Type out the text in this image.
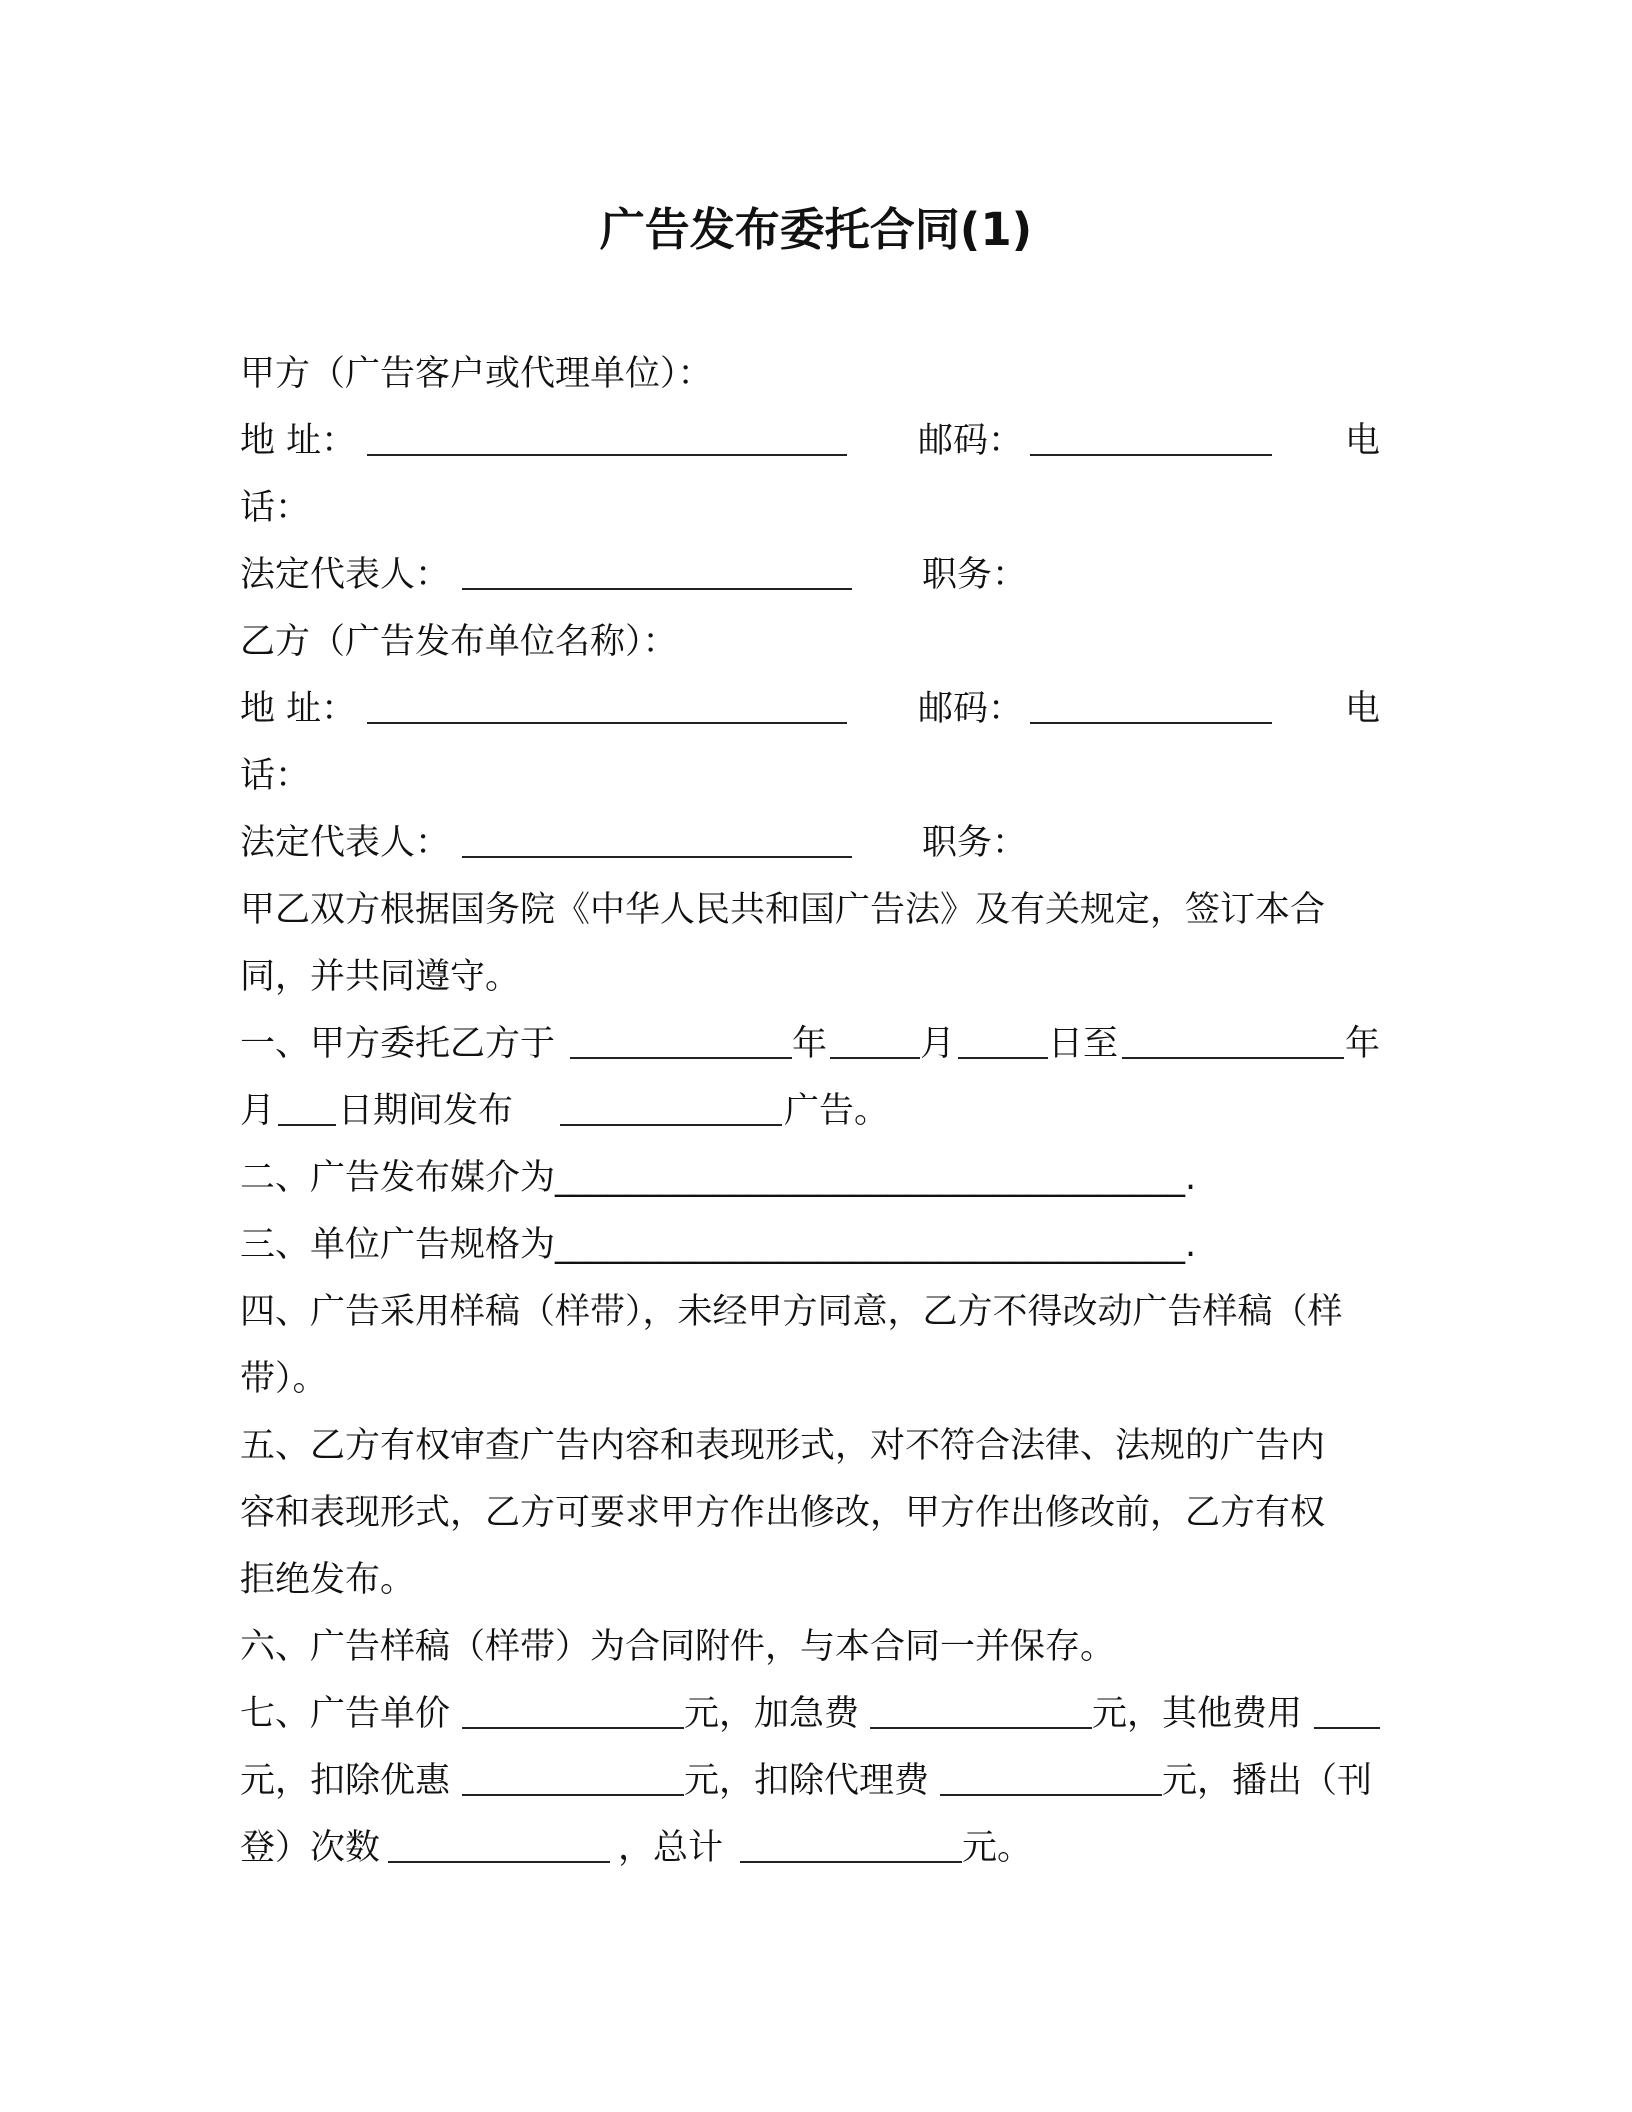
广告发布委托合同(1)
甲方（广告客户或代理单位）：
地 址：	邮码：	电
话：
法定代表人：	职务：
乙方（广告发布单位名称）：
地 址：	邮码：	电
话：
法定代表人：	职务：
甲乙双方根据国务院《中华人民共和国广告法》及有关规定，签订本合
同，并共同遵守。
一、甲方委托乙方于	年	月	日至	年
月 日期间发布	广告。
二、广告发布媒介为____________________________________.
三、单位广告规格为____________________________________.
四、广告采用样稿（样带），未经甲方同意，乙方不得改动广告样稿（样
带）。
五、乙方有权审查广告内容和表现形式，对不符合法律、法规的广告内
容和表现形式，乙方可要求甲方作出修改，甲方作出修改前，乙方有权
拒绝发布。
六、广告样稿（样带）为合同附件，与本合同一并保存。
七、广告单价	元，加急费	元，其他费用
元，扣除优惠	元，扣除代理费	元，播出（刊
登）次数	，总计	元。
